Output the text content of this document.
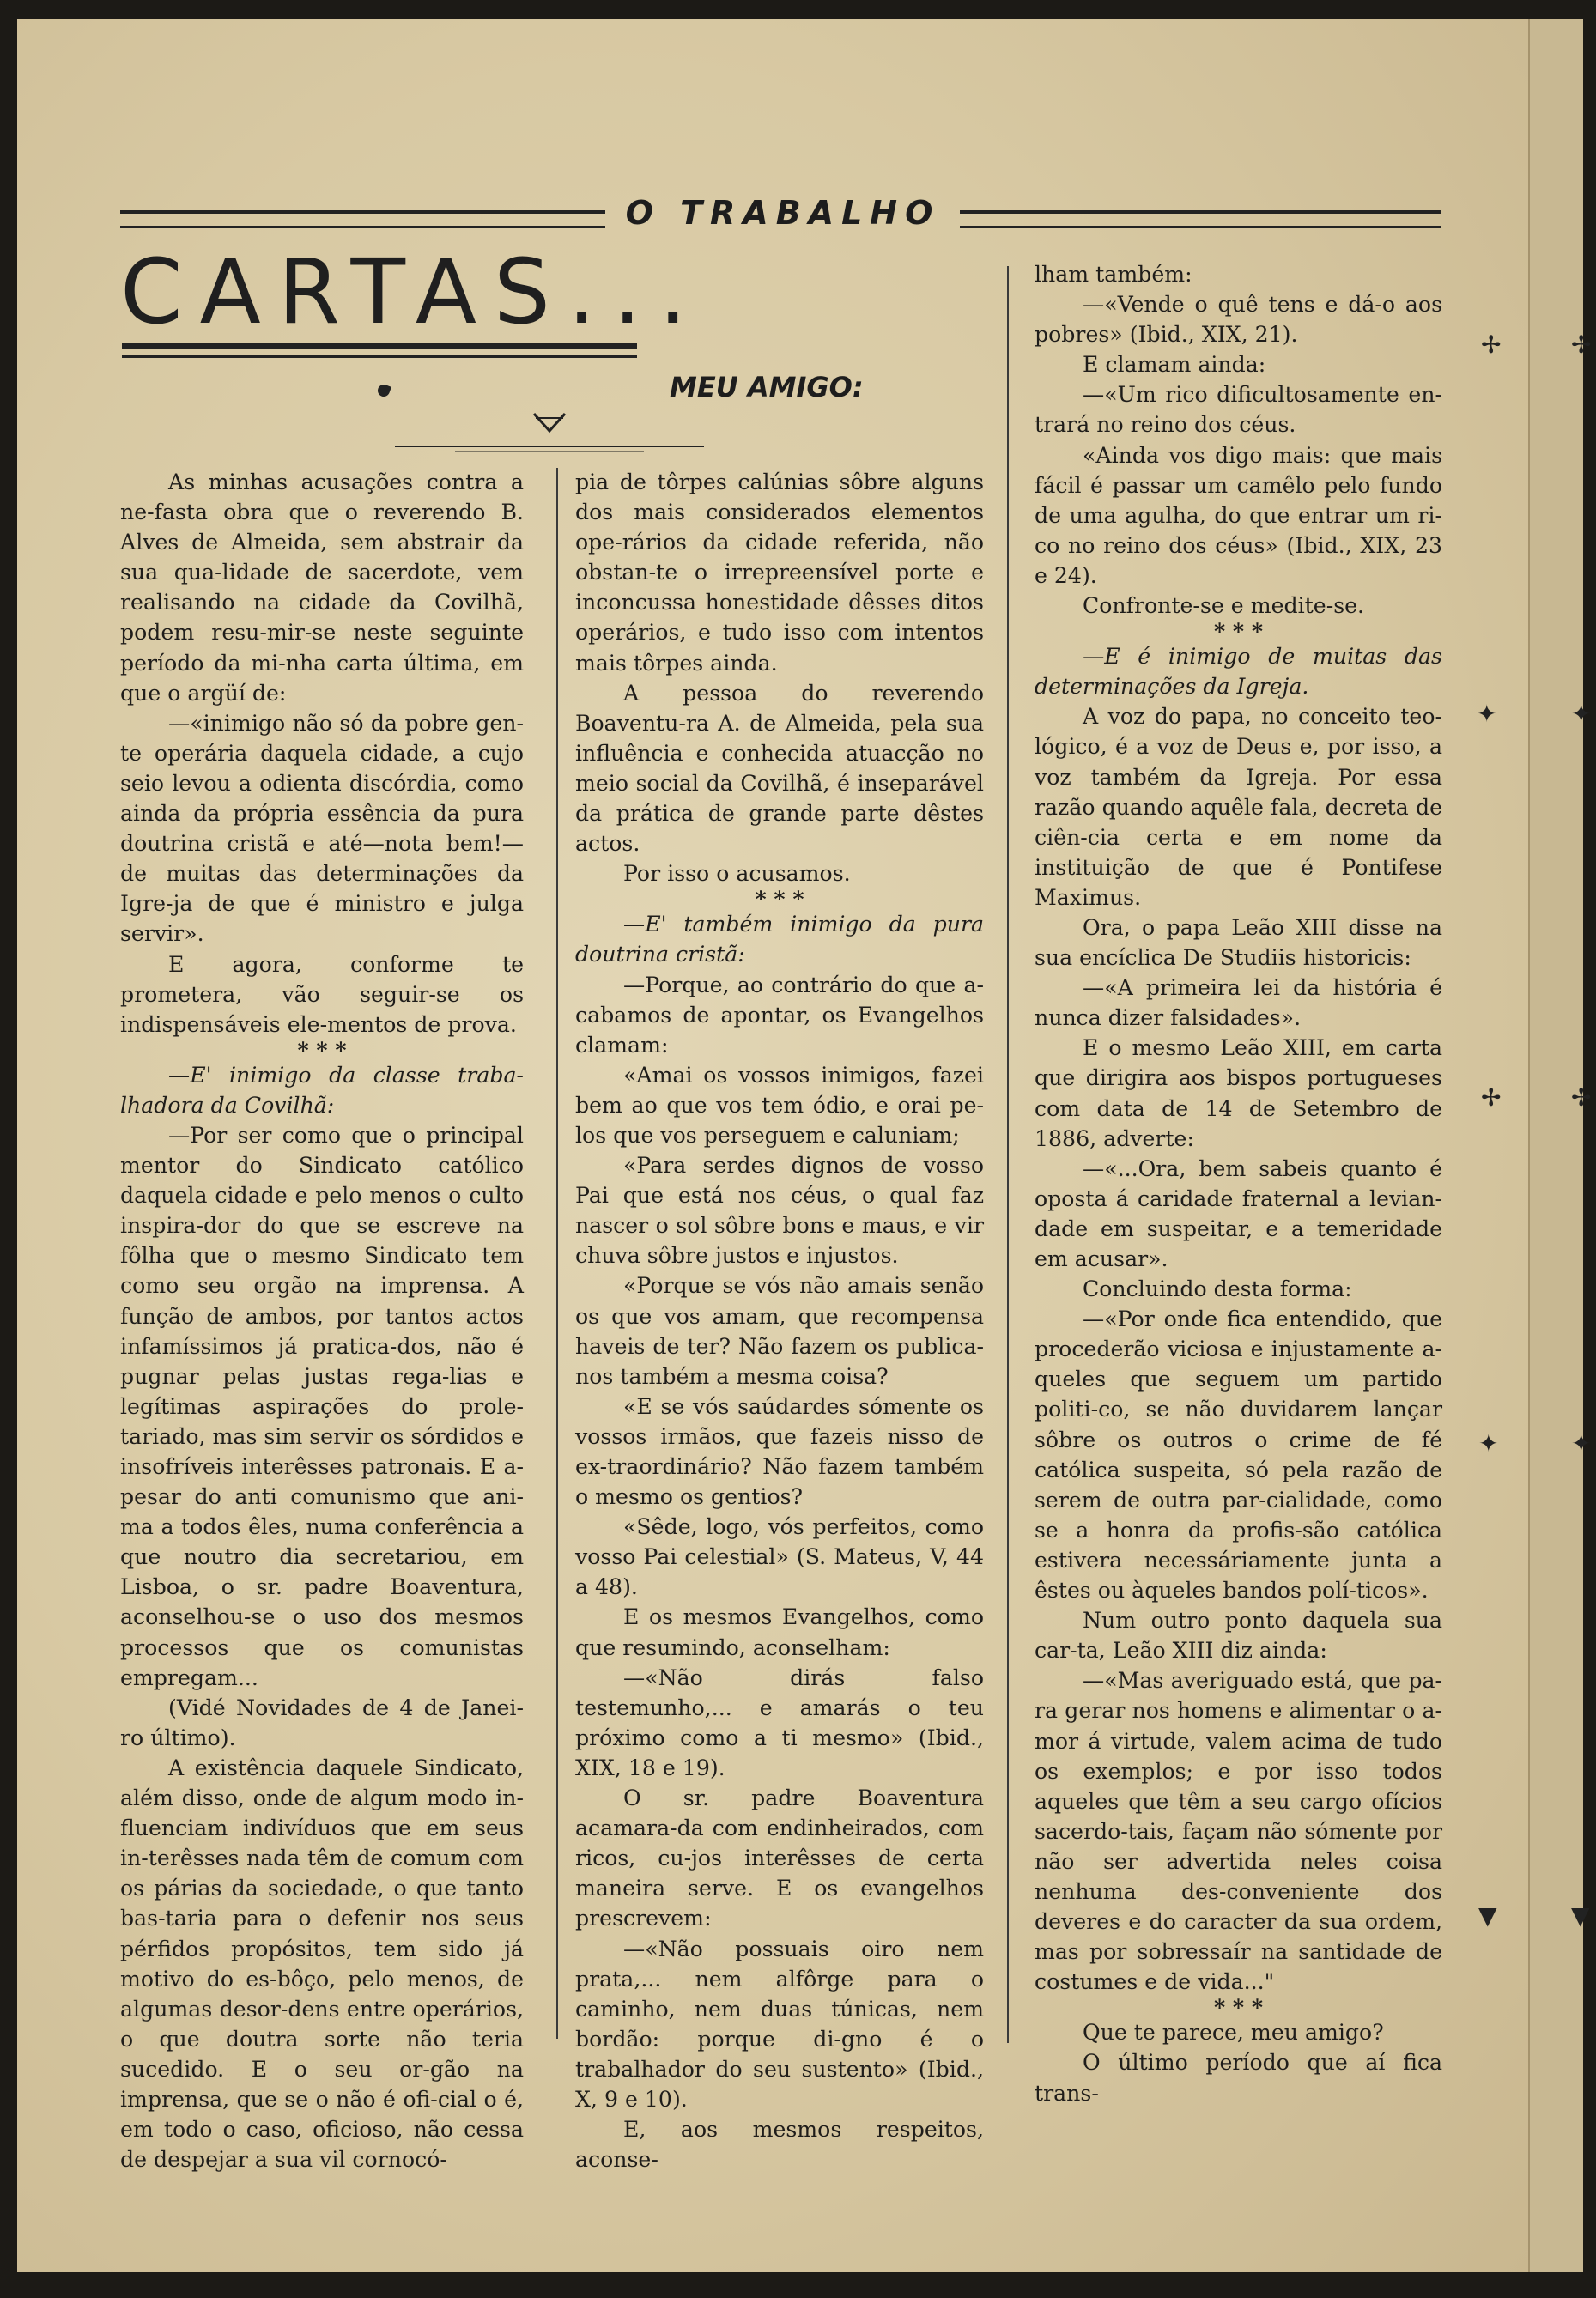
O TRABALHO
CARTAS...
MEU AMIGO:

As minhas acusações contra a ne-fasta obra que o reverendo B. Alves de Almeida, sem abstrair da sua qua-lidade de sacerdote, vem realisando na cidade da Covilhã, podem resu-mir-se neste seguinte período da mi-nha carta última, em que o argüí de:

—«inimigo não só da pobre gen-te operária daquela cidade, a cujo seio levou a odienta discórdia, como ainda da própria essência da pura doutrina cristã e até—nota bem!—de muitas das determinações da Igre-ja de que é ministro e julga servir».

E agora, conforme te prometera, vão seguir-se os indispensáveis ele-mentos de prova.

* * *

—E' inimigo da classe traba-lhadora da Covilhã:

—Por ser como que o principal mentor do Sindicato católico daquela cidade e pelo menos o culto inspira-dor do que se escreve na fôlha que o mesmo Sindicato tem como seu orgão na imprensa. A função de ambos, por tantos actos infamíssimos já pratica-dos, não é pugnar pelas justas rega-lias e legítimas aspirações do prole-tariado, mas sim servir os sórdidos e insofríveis interêsses patronais. E a-pesar do anti comunismo que ani-ma a todos êles, numa conferência a que noutro dia secretariou, em Lisboa, o sr. padre Boaventura, aconselhou-se o uso dos mesmos processos que os comunistas empregam...

(Vidé Novidades de 4 de Janei-ro último).

A existência daquele Sindicato, além disso, onde de algum modo in-fluenciam indivíduos que em seus in-terêsses nada têm de comum com os párias da sociedade, o que tanto bas-taria para o defenir nos seus pérfidos propósitos, tem sido já motivo do es-bôço, pelo menos, de algumas desor-dens entre operários, o que doutra sorte não teria sucedido. E o seu or-gão na imprensa, que se o não é ofi-cial o é, em todo o caso, oficioso, não cessa de despejar a sua vil cornocó-

pia de tôrpes calúnias sôbre alguns dos mais considerados elementos ope-rários da cidade referida, não obstan-te o irrepreensível porte e inconcussa honestidade dêsses ditos operários, e tudo isso com intentos mais tôrpes ainda.

A pessoa do reverendo Boaventu-ra A. de Almeida, pela sua influência e conhecida atuacção no meio social da Covilhã, é inseparável da prática de grande parte dêstes actos.

Por isso o acusamos.

* * *

—E' também inimigo da pura doutrina cristã:

—Porque, ao contrário do que a-cabamos de apontar, os Evangelhos clamam:

«Amai os vossos inimigos, fazei bem ao que vos tem ódio, e orai pe-los que vos perseguem e caluniam;

«Para serdes dignos de vosso Pai que está nos céus, o qual faz nascer o sol sôbre bons e maus, e vir chuva sôbre justos e injustos.

«Porque se vós não amais senão os que vos amam, que recompensa haveis de ter? Não fazem os publica-nos também a mesma coisa?

«E se vós saúdardes sómente os vossos irmãos, que fazeis nisso de ex-traordinário? Não fazem também o mesmo os gentios?

«Sêde, logo, vós perfeitos, como vosso Pai celestial» (S. Mateus, V, 44 a 48).

E os mesmos Evangelhos, como que resumindo, aconselham:

—«Não dirás falso testemunho,... e amarás o teu próximo como a ti mesmo» (Ibid., XIX, 18 e 19).

O sr. padre Boaventura acamara-da com endinheirados, com ricos, cu-jos interêsses de certa maneira serve. E os evangelhos prescrevem:

—«Não possuais oiro nem prata,... nem alfôrge para o caminho, nem duas túnicas, nem bordão: porque di-gno é o trabalhador do seu sustento» (Ibid., X, 9 e 10).

E, aos mesmos respeitos, aconse-

lham também:

—«Vende o quê tens e dá-o aos pobres» (Ibid., XIX, 21).

E clamam ainda:

—«Um rico dificultosamente en-trará no reino dos céus.

«Ainda vos digo mais: que mais fácil é passar um camêlo pelo fundo de uma agulha, do que entrar um ri-co no reino dos céus» (Ibid., XIX, 23 e 24).

Confronte-se e medite-se.

* * *

—E é inimigo de muitas das determinações da Igreja.

A voz do papa, no conceito teo-lógico, é a voz de Deus e, por isso, a voz também da Igreja. Por essa razão quando aquêle fala, decreta de ciên-cia certa e em nome da instituição de que é Pontifese Maximus.

Ora, o papa Leão XIII disse na sua encíclica De Studiis historicis:

—«A primeira lei da história é nunca dizer falsidades».

E o mesmo Leão XIII, em carta que dirigira aos bispos portugueses com data de 14 de Setembro de 1886, adverte:

—«...Ora, bem sabeis quanto é oposta á caridade fraternal a levian-dade em suspeitar, e a temeridade em acusar».

Concluindo desta forma:

—«Por onde fica entendido, que procederão viciosa e injustamente a-queles que seguem um partido politi-co, se não duvidarem lançar sôbre os outros o crime de fé católica suspeita, só pela razão de serem de outra par-cialidade, como se a honra da profis-são católica estivera necessáriamente junta a êstes ou àqueles bandos polí-ticos».

Num outro ponto daquela sua car-ta, Leão XIII diz ainda:

—«Mas averiguado está, que pa-ra gerar nos homens e alimentar o a-mor á virtude, valem acima de tudo os exemplos; e por isso todos aqueles que têm a seu cargo ofícios sacerdo-tais, façam não sómente por não ser advertida neles coisa nenhuma des-conveniente dos deveres e do caracter da sua ordem, mas por sobressaír na santidade de costumes e de vida..."

* * *

Que te parece, meu amigo?

O último período que aí fica trans-

✢
✦
✢
✦
▼
✢
✦
✢
✦
▼
